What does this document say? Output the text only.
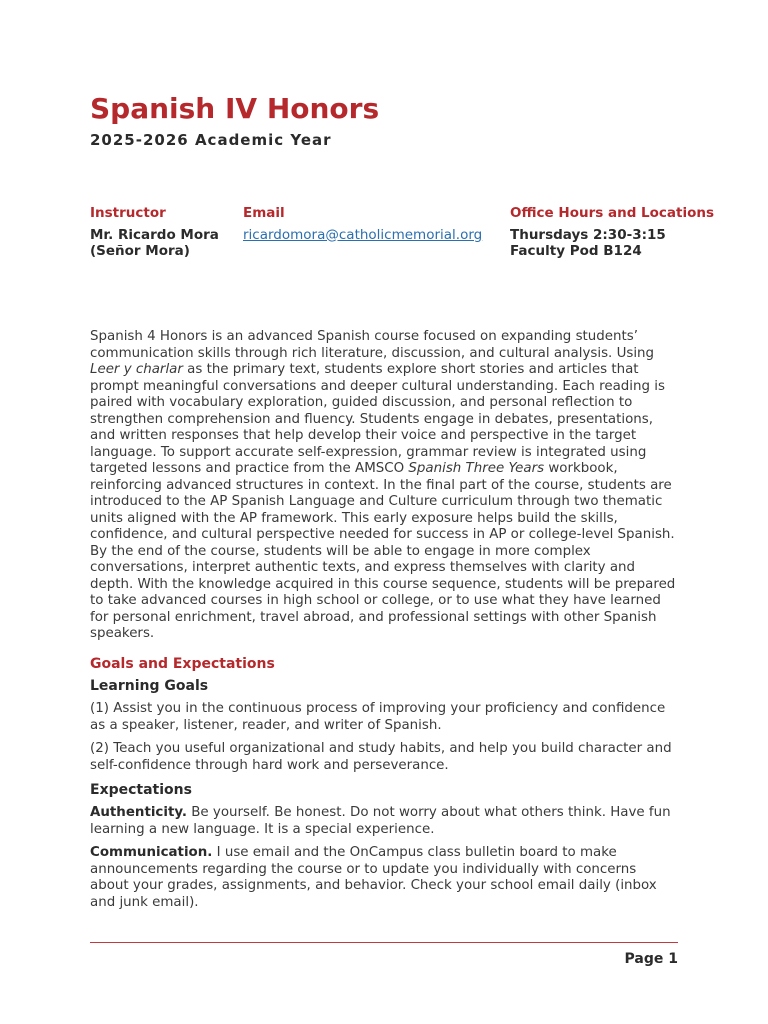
Spanish IV Honors
2025-2026 Academic Year
Instructor
Mr. Ricardo Mora
(Señor Mora)
Email
ricardomora@catholicmemorial.org
Office Hours and Locations
Thursdays 2:30-3:15
Faculty Pod B124

Spanish 4 Honors is an advanced Spanish course focused on expanding students’ communication skills through rich literature, discussion, and cultural analysis. Using Leer y charlar as the primary text, students explore short stories and articles that prompt meaningful conversations and deeper cultural understanding. Each reading is paired with vocabulary exploration, guided discussion, and personal reflection to strengthen comprehension and fluency. Students engage in debates, presentations, and written responses that help develop their voice and perspective in the target language. To support accurate self-expression, grammar review is integrated using targeted lessons and practice from the AMSCO Spanish Three Years workbook, reinforcing advanced structures in context. In the final part of the course, students are introduced to the AP Spanish Language and Culture curriculum through two thematic units aligned with the AP framework. This early exposure helps build the skills, confidence, and cultural perspective needed for success in AP or college-level Spanish. By the end of the course, students will be able to engage in more complex conversations, interpret authentic texts, and express themselves with clarity and depth. With the knowledge acquired in this course sequence, students will be prepared to take advanced courses in high school or college, or to use what they have learned for personal enrichment, travel abroad, and professional settings with other Spanish speakers.

Goals and Expectations
Learning Goals

(1) Assist you in the continuous process of improving your proficiency and confidence as a speaker, listener, reader, and writer of Spanish.

(2) Teach you useful organizational and study habits, and help you build character and self-confidence through hard work and perseverance.

Expectations

Authenticity. Be yourself. Be honest. Do not worry about what others think. Have fun learning a new language. It is a special experience.

Communication. I use email and the OnCampus class bulletin board to make announcements regarding the course or to update you individually with concerns about your grades, assignments, and behavior. Check your school email daily (inbox and junk email).

Page 1
